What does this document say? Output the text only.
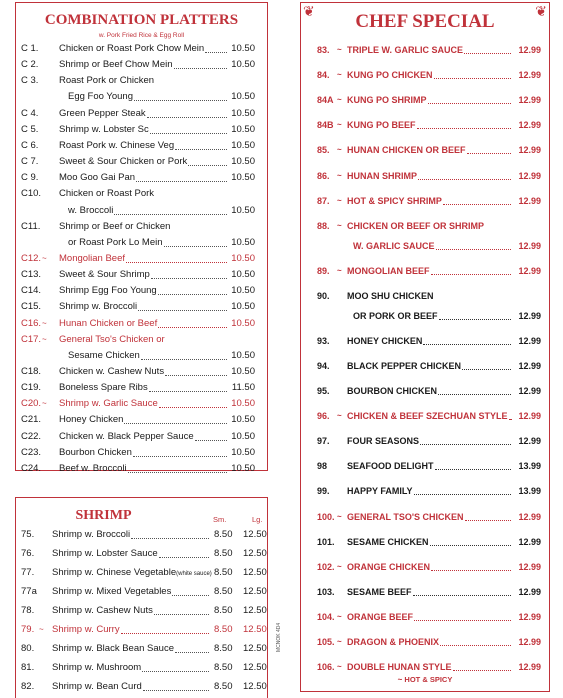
COMBINATION PLATTERS
w. Pork Fried Rice & Egg Roll
C 1. Chicken or Roast Pork Chow Mein	10.50
C 2. Shrimp or Beef Chow Mein	10.50
C 3. Roast Pork or Chicken
Egg Foo Young	10.50
C 4. Green Pepper Steak	10.50
C 5. Shrimp w. Lobster Sc	10.50
C 6. Roast Pork w. Chinese Veg	10.50
C 7. Sweet & Sour Chicken or Pork	10.50
C 9. Moo Goo Gai Pan	10.50
C10. Chicken or Roast Pork
w. Broccoli	10.50
C11. Shrimp or Beef or Chicken
or Roast Pork Lo Mein	10.50
C12. ~ Mongolian Beef	10.50
C13. Sweet & Sour Shrimp	10.50
C14. Shrimp Egg Foo Young	10.50
C15. Shrimp w. Broccoli	10.50
C16. ~ Hunan Chicken or Beef	10.50
C17. ~ General Tso's Chicken or
Sesame Chicken	10.50
C18. Chicken w. Cashew Nuts	10.50
C19. Boneless Spare Ribs	11.50
C20. ~ Shrimp w. Garlic Sauce	10.50
C21. Honey Chicken	10.50
C22. Chicken w. Black Pepper Sauce	10.50
C23. Bourbon Chicken	10.50
C24. Beef w. Broccoli	10.50
SHRIMP	Sm.	Lg.
75. Shrimp w. Broccoli	8.50 12.50
76. Shrimp w. Lobster Sauce	8.50 12.50
77. Shrimp w. Chinese Vegetable(white sauce) 8.50 12.50
77a Shrimp w. Mixed Vegetables	8.50 12.50
78. Shrimp w. Cashew Nuts	8.50 12.50
79. ~ Shrimp w. Curry	8.50 12.50
80. Shrimp w. Black Bean Sauce	8.50 12.50
81. Shrimp w. Mushroom	8.50 12.50
82. Shrimp w. Bean Curd	8.50 12.50
MCNOK 4D4
❦	❦
CHEF SPECIAL
83. ~ TRIPLE W. GARLIC SAUCE	12.99
84. ~ KUNG PO CHICKEN	12.99
84A ~ KUNG PO SHRIMP	12.99
84B ~ KUNG PO BEEF	12.99
85. ~ HUNAN CHICKEN OR BEEF	12.99
86. ~ HUNAN SHRIMP	12.99
87. ~ HOT & SPICY SHRIMP	12.99
88. ~ CHICKEN OR BEEF OR SHRIMP
W. GARLIC SAUCE	12.99
89. ~ MONGOLIAN BEEF	12.99
90. MOO SHU CHICKEN
OR PORK OR BEEF	12.99
93. HONEY CHICKEN	12.99
94. BLACK PEPPER CHICKEN	12.99
95. BOURBON CHICKEN	12.99
96. ~ CHICKEN & BEEF SZECHUAN STYLE 12.99
97. FOUR SEASONS	12.99
98 SEAFOOD DELIGHT	13.99
99. HAPPY FAMILY	13.99
100. ~ GENERAL TSO'S CHICKEN	12.99
101. SESAME CHICKEN	12.99
102. ~ ORANGE CHICKEN	12.99
103. SESAME BEEF	12.99
104. ~ ORANGE BEEF	12.99
105. ~ DRAGON & PHOENIX	12.99
106. ~ DOUBLE HUNAN STYLE	12.99
~ HOT & SPICY
